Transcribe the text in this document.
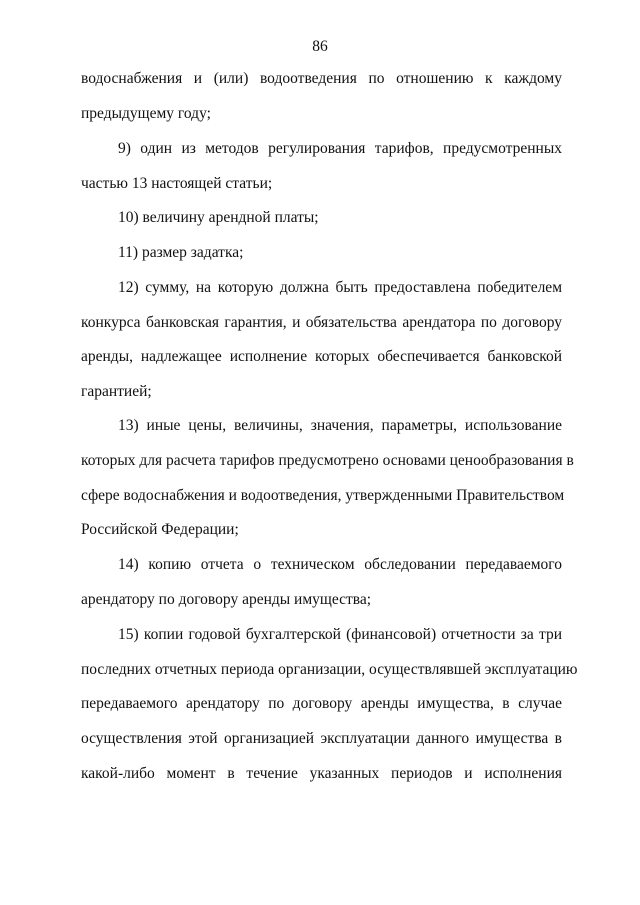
86
водоснабжения и (или) водоотведения по отношению к каждому
предыдущему году;
9) один из методов регулирования тарифов, предусмотренных
частью 13 настоящей статьи;
10) величину арендной платы;
11) размер задатка;
12) сумму, на которую должна быть предоставлена победителем
конкурса банковская гарантия, и обязательства арендатора по договору
аренды, надлежащее исполнение которых обеспечивается банковской
гарантией;
13) иные цены, величины, значения, параметры, использование
которых для расчета тарифов предусмотрено основами ценообразования в
сфере водоснабжения и водоотведения, утвержденными Правительством
Российской Федерации;
14) копию отчета о техническом обследовании передаваемого
арендатору по договору аренды имущества;
15) копии годовой бухгалтерской (финансовой) отчетности за три
последних отчетных периода организации, осуществлявшей эксплуатацию
передаваемого арендатору по договору аренды имущества, в случае
осуществления этой организацией эксплуатации данного имущества в
какой-либо момент в течение указанных периодов и исполнения
